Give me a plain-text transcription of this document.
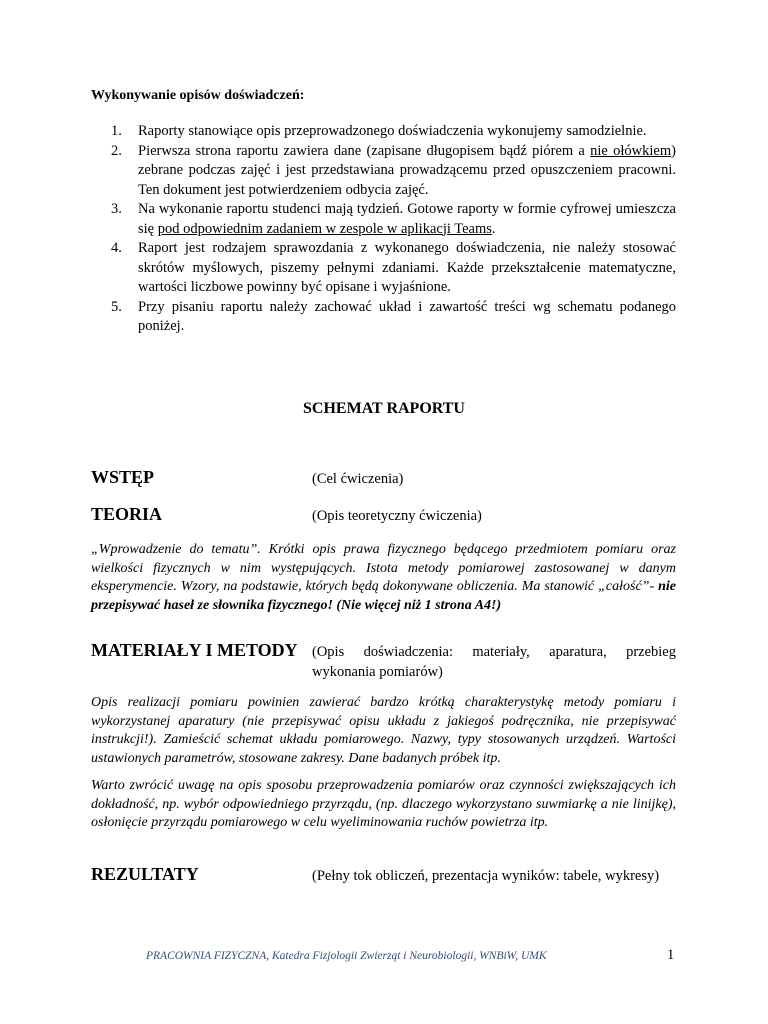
Wykonywanie opisów doświadczeń:
1. Raporty stanowiące opis przeprowadzonego doświadczenia wykonujemy samodzielnie.
2. Pierwsza strona raportu zawiera dane (zapisane długopisem bądź piórem a nie ołówkiem) zebrane podczas zajęć i jest przedstawiana prowadzącemu przed opuszczeniem pracowni. Ten dokument jest potwierdzeniem odbycia zajęć.
3. Na wykonanie raportu studenci mają tydzień. Gotowe raporty w formie cyfrowej umieszcza się pod odpowiednim zadaniem w zespole w aplikacji Teams.
4. Raport jest rodzajem sprawozdania z wykonanego doświadczenia, nie należy stosować skrótów myślowych, piszemy pełnymi zdaniami. Każde przekształcenie matematyczne, wartości liczbowe powinny być opisane i wyjaśnione.
5. Przy pisaniu raportu należy zachować układ i zawartość treści wg schematu podanego poniżej.
SCHEMAT RAPORTU
WSTĘP	(Cel ćwiczenia)
TEORIA	(Opis teoretyczny ćwiczenia)
„Wprowadzenie do tematu”. Krótki opis prawa fizycznego będącego przedmiotem pomiaru oraz wielkości fizycznych w nim występujących. Istota metody pomiarowej zastosowanej w danym eksperymencie. Wzory, na podstawie, których będą dokonywane obliczenia. Ma stanowić „całość”- nie przepisywać haseł ze słownika fizycznego! (Nie więcej niż 1 strona A4!)
MATERIAŁY I METODY (Opis doświadczenia: materiały, aparatura, przebieg wykonania pomiarów)
Opis realizacji pomiaru powinien zawierać bardzo krótką charakterystykę metody pomiaru i wykorzystanej aparatury (nie przepisywać opisu układu z jakiegoś podręcznika, nie przepisywać instrukcji!). Zamieścić schemat układu pomiarowego. Nazwy, typy stosowanych urządzeń. Wartości ustawionych parametrów, stosowane zakresy. Dane badanych próbek itp.
Warto zwrócić uwagę na opis sposobu przeprowadzenia pomiarów oraz czynności zwiększających ich dokładność, np. wybór odpowiedniego przyrządu, (np. dlaczego wykorzystano suwmiarkę a nie linijkę), osłonięcie przyrządu pomiarowego w celu wyeliminowania ruchów powietrza itp.
REZULTATY	(Pełny tok obliczeń, prezentacja wyników: tabele, wykresy)
PRACOWNIA FIZYCZNA, Katedra Fizjologii Zwierząt i Neurobiologii, WNBiW, UMK	1
